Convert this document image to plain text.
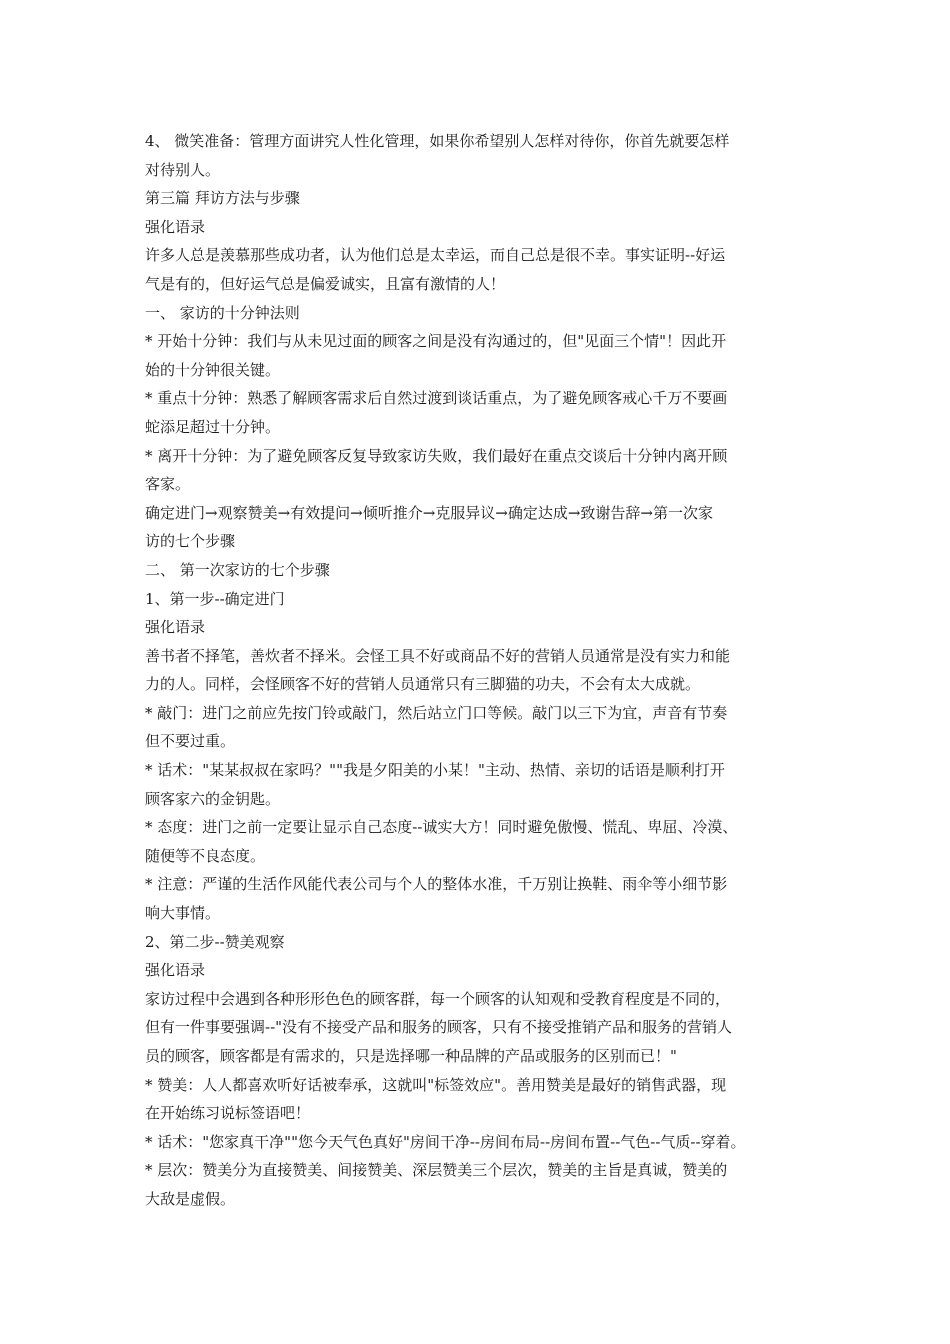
4、 微笑准备：管理方面讲究人性化管理，如果你希望别人怎样对待你，你首先就要怎样
对待别人。
第三篇 拜访方法与步骤
强化语录
许多人总是羡慕那些成功者，认为他们总是太幸运，而自己总是很不幸。事实证明--好运
气是有的，但好运气总是偏爱诚实，且富有激情的人！
一、 家访的十分钟法则
* 开始十分钟：我们与从未见过面的顾客之间是没有沟通过的，但"见面三个情"！因此开
始的十分钟很关键。
* 重点十分钟：熟悉了解顾客需求后自然过渡到谈话重点，为了避免顾客戒心千万不要画
蛇添足超过十分钟。
* 离开十分钟：为了避免顾客反复导致家访失败，我们最好在重点交谈后十分钟内离开顾
客家。
确定进门→观察赞美→有效提问→倾听推介→克服异议→确定达成→致谢告辞→第一次家
访的七个步骤
二、 第一次家访的七个步骤
1、第一步--确定进门
强化语录
善书者不择笔，善炊者不择米。会怪工具不好或商品不好的营销人员通常是没有实力和能
力的人。同样，会怪顾客不好的营销人员通常只有三脚猫的功夫，不会有太大成就。
* 敲门：进门之前应先按门铃或敲门，然后站立门口等候。敲门以三下为宜，声音有节奏
但不要过重。
* 话术："某某叔叔在家吗？""我是夕阳美的小某！"主动、热情、亲切的话语是顺利打开
顾客家六的金钥匙。
* 态度：进门之前一定要让显示自己态度--诚实大方！同时避免傲慢、慌乱、卑屈、冷漠、
随便等不良态度。
* 注意：严谨的生活作风能代表公司与个人的整体水准，千万别让换鞋、雨伞等小细节影
响大事情。
2、第二步--赞美观察
强化语录
家访过程中会遇到各种形形色色的顾客群，每一个顾客的认知观和受教育程度是不同的，
但有一件事要强调--"没有不接受产品和服务的顾客，只有不接受推销产品和服务的营销人
员的顾客，顾客都是有需求的，只是选择哪一种品牌的产品或服务的区别而已！"
* 赞美：人人都喜欢听好话被奉承，这就叫"标签效应"。善用赞美是最好的销售武器，现
在开始练习说标签语吧！
* 话术："您家真干净""您今天气色真好"房间干净--房间布局--房间布置--气色--气质--穿着。
* 层次：赞美分为直接赞美、间接赞美、深层赞美三个层次，赞美的主旨是真诚，赞美的
大敌是虚假。
